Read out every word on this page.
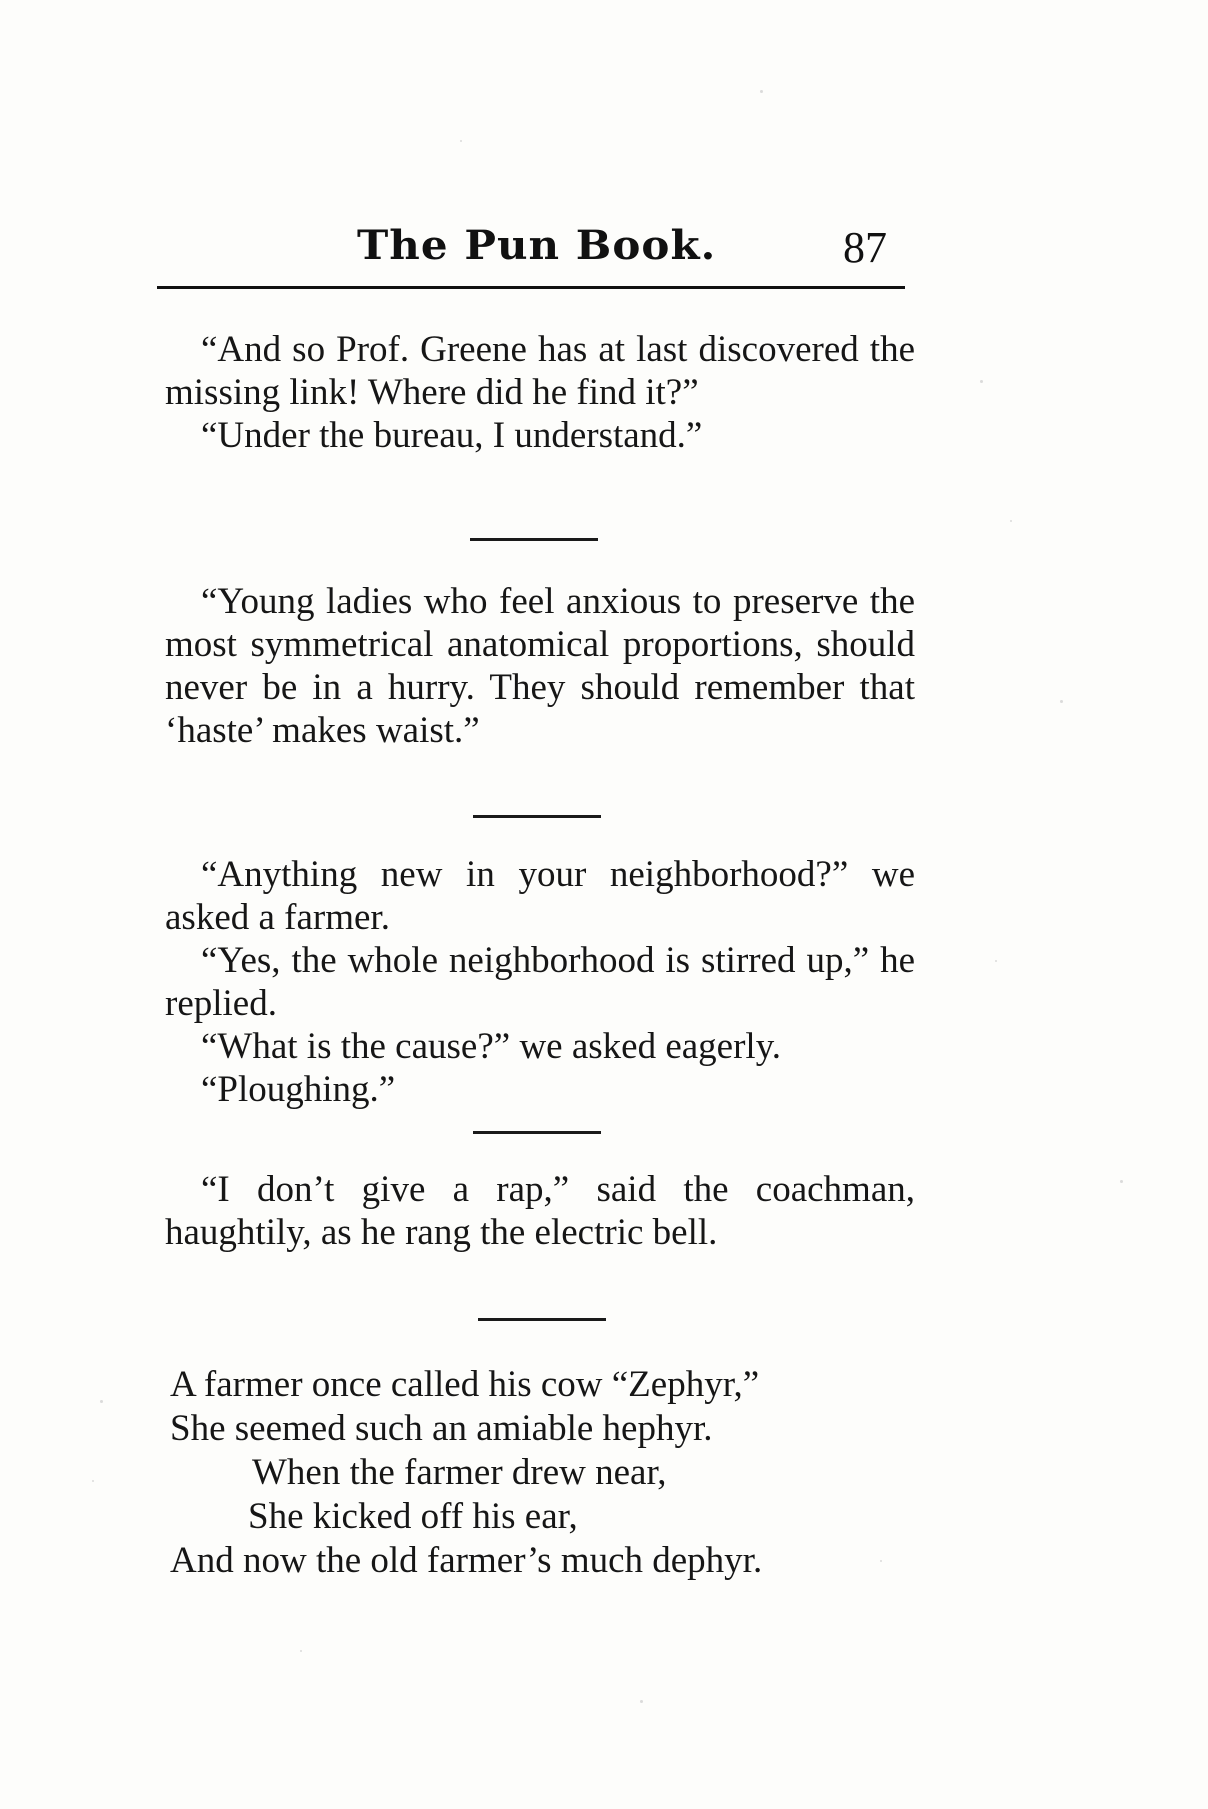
The Pun Book.	87

“And so Prof. Greene has at last discovered the missing link! Where did he find it?”

“Under the bureau, I understand.”

“Young ladies who feel anxious to preserve the most symmetrical anatomical proportions, should never be in a hurry. They should remember that ‘haste’ makes waist.”

“Anything new in your neighborhood?” we asked a farmer.

“Yes, the whole neighborhood is stirred up,” he replied.

“What is the cause?” we asked eagerly.

“Ploughing.”

“I don’t give a rap,” said the coachman, haughtily, as he rang the electric bell.

A farmer once called his cow “Zephyr,”
She seemed such an amiable hephyr.
When the farmer drew near,
She kicked off his ear,
And now the old farmer’s much dephyr.
